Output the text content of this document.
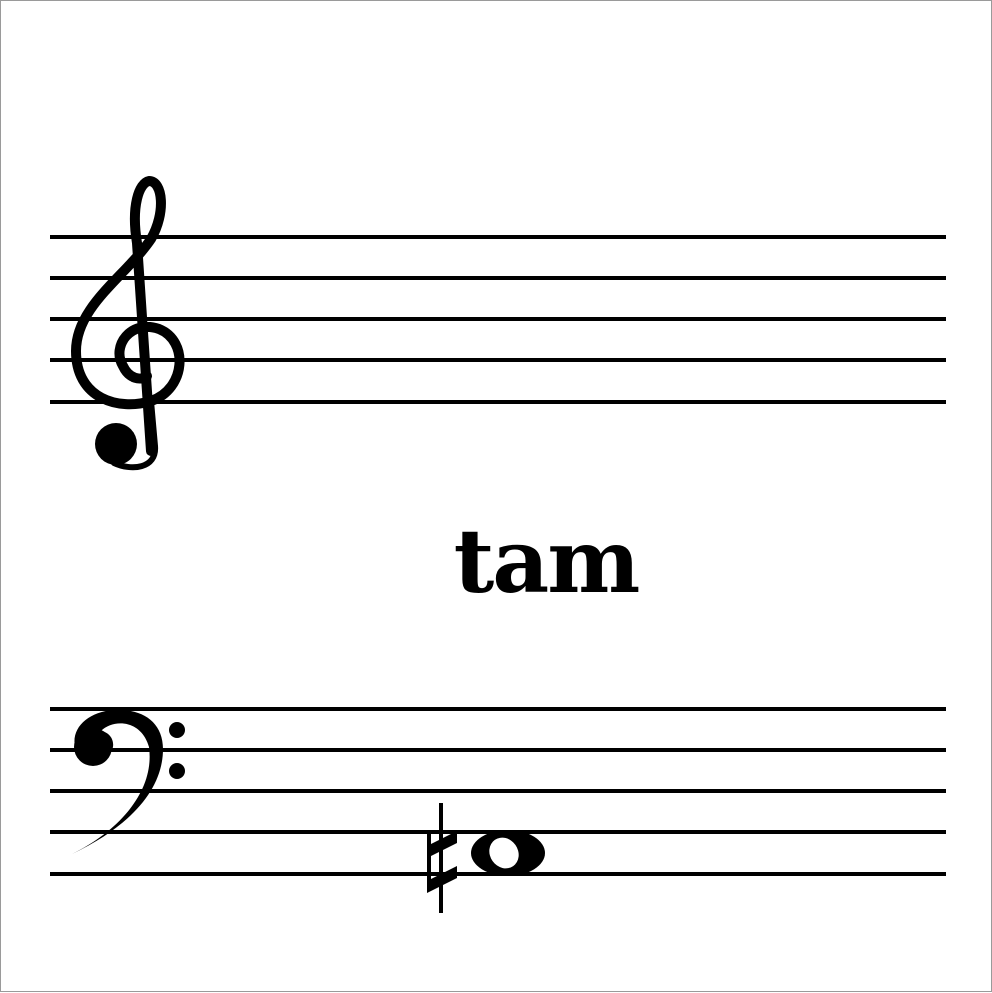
tam
